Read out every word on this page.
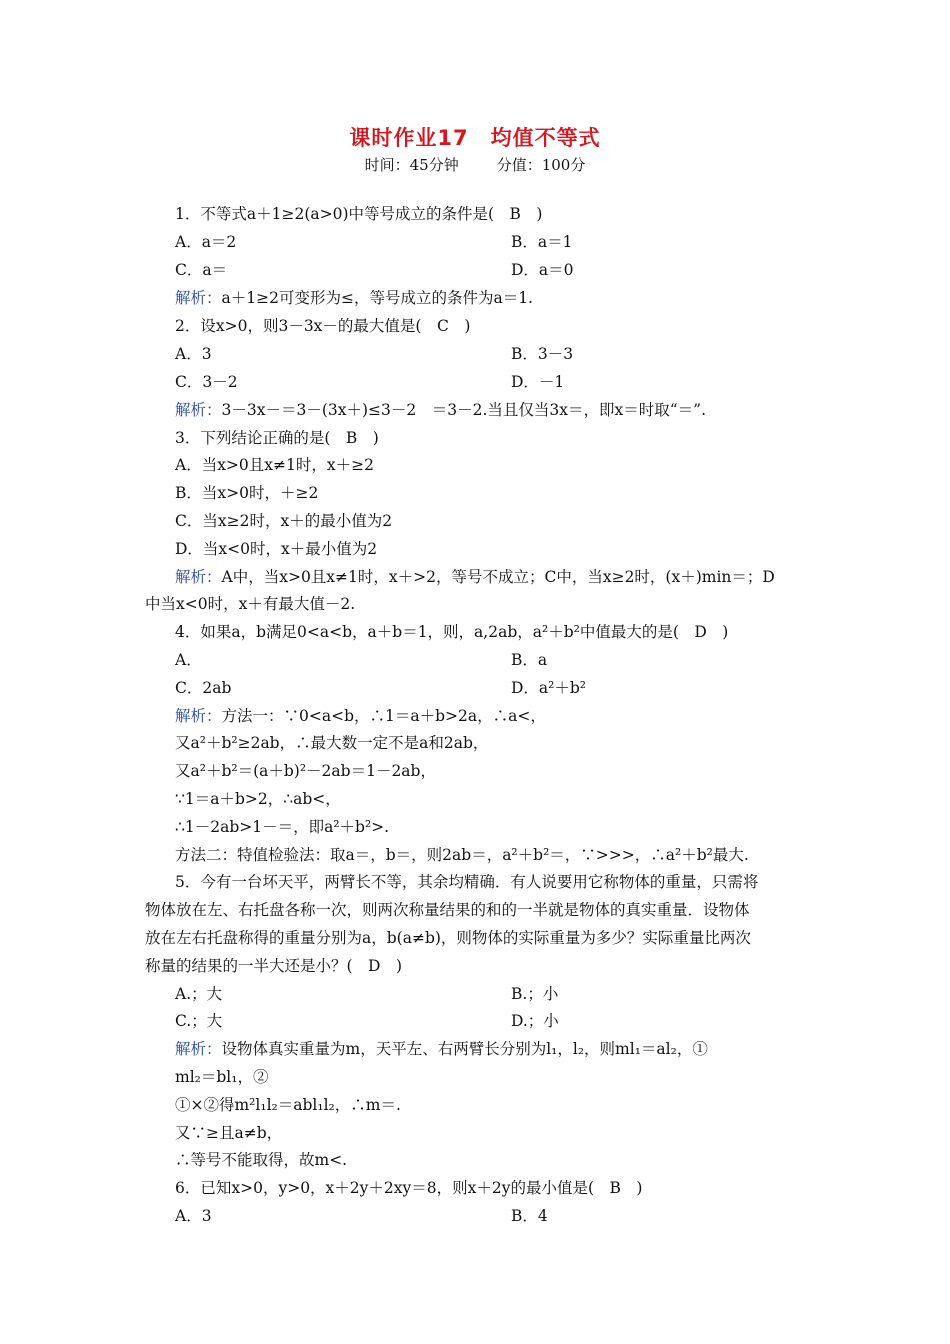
课时作业17　均值不等式
时间：45分钟	分值：100分
1．不等式a＋1≥2(a>0)中等号成立的条件是(　B　)
A．a＝2	B．a＝1
C．a＝	D．a＝0
解析：a＋1≥2可变形为≤，等号成立的条件为a＝1.
2．设x>0，则3－3x－的最大值是(　C　)
A．3	B．3－3
C．3－2	D．－1
解析：3－3x－＝3－(3x＋)≤3－2　＝3－2.当且仅当3x＝，即x＝时取“＝”.
3．下列结论正确的是(　B　)
A．当x>0且x≠1时，x＋≥2
B．当x>0时，＋≥2
C．当x≥2时，x＋的最小值为2
D．当x<0时，x＋最小值为2
解析：A中，当x>0且x≠1时，x＋>2，等号不成立；C中，当x≥2时，(x＋)min＝；D
中当x<0时，x＋有最大值－2.
4．如果a，b满足0<a<b，a＋b＝1，则，a,2ab，a²＋b²中值最大的是(　D　)
A．	B．a
C．2ab	D．a²＋b²
解析：方法一：∵0<a<b，∴1＝a＋b>2a，∴a<，
又a²＋b²≥2ab，∴最大数一定不是a和2ab，
又a²＋b²＝(a＋b)²－2ab＝1－2ab，
∵1＝a＋b>2，∴ab<，
∴1－2ab>1－＝，即a²＋b²>.
方法二：特值检验法：取a＝，b＝，则2ab＝，a²＋b²＝，∵>>>，∴a²＋b²最大.
5．今有一台坏天平，两臂长不等，其余均精确．有人说要用它称物体的重量，只需将
物体放在左、右托盘各称一次，则两次称量结果的和的一半就是物体的真实重量．设物体
放在左右托盘称得的重量分别为a，b(a≠b)，则物体的实际重量为多少？实际重量比两次
称量的结果的一半大还是小？(　D　)
A.；大	B.；小
C.；大	D.；小
解析：设物体真实重量为m，天平左、右两臂长分别为l₁，l₂，则ml₁＝al₂，①
ml₂＝bl₁，②
①×②得m²l₁l₂＝abl₁l₂，∴m＝.
又∵≥且a≠b，
∴等号不能取得，故m<.
6．已知x>0，y>0，x＋2y＋2xy＝8，则x＋2y的最小值是(　B　)
A．3	B．4
